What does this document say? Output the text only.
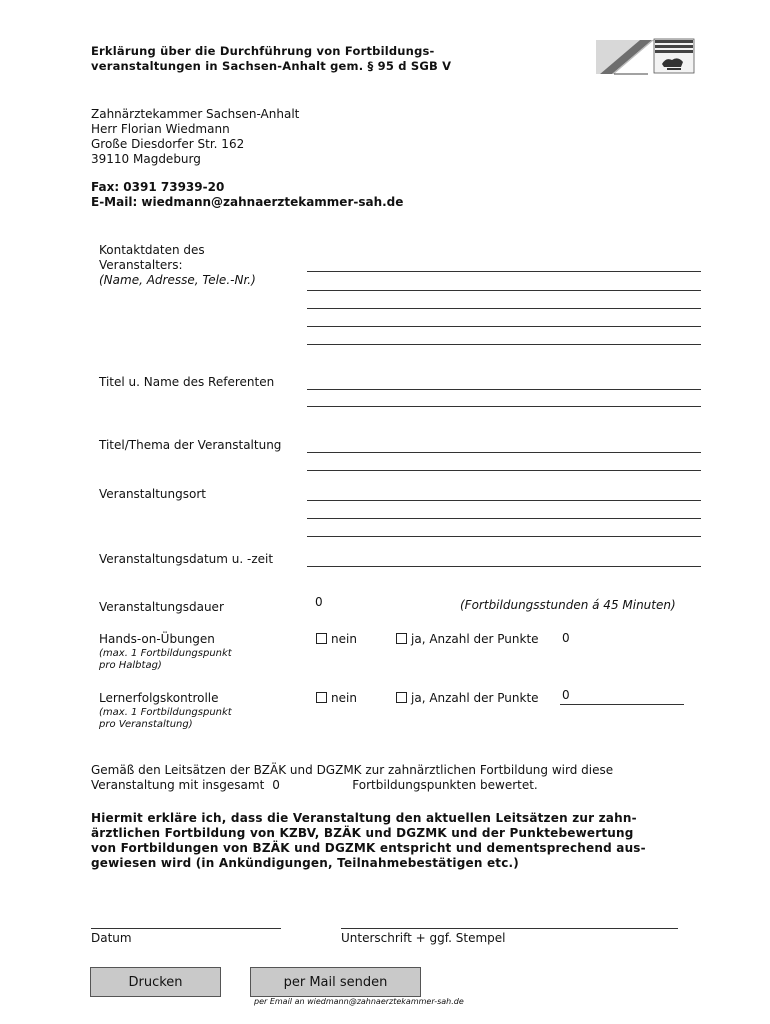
Erklärung über die Durchführung von Fortbildungs-
veranstaltungen in Sachsen-Anhalt gem. § 95 d SGB V
Zahnärztekammer Sachsen-Anhalt
Herr Florian Wiedmann
Große Diesdorfer Str. 162
39110 Magdeburg
Fax: 0391 73939-20
E-Mail: wiedmann@zahnaerztekammer-sah.de
Kontaktdaten des
Veranstalters:
(Name, Adresse, Tele.-Nr.)
Titel u. Name des Referenten
Titel/Thema der Veranstaltung
Veranstaltungsort
Veranstaltungsdatum u. -zeit
Veranstaltungsdauer	0	(Fortbildungsstunden á 45 Minuten)
Hands-on-Übungen
(max. 1 Fortbildungspunkt
pro Halbtag)
nein	ja, Anzahl der Punkte 0
Lernerfolgskontrolle
(max. 1 Fortbildungspunkt
pro Veranstaltung)
nein	ja, Anzahl der Punkte 0
Gemäß den Leitsätzen der BZÄK und DGZMK zur zahnärztlichen Fortbildung wird diese
Veranstaltung mit insgesamt 0	Fortbildungspunkten bewertet.
Hiermit erkläre ich, dass die Veranstaltung den aktuellen Leitsätzen zur zahn-
ärztlichen Fortbildung von KZBV, BZÄK und DGZMK und der Punktebewertung
von Fortbildungen von BZÄK und DGZMK entspricht und dementsprechend aus-
gewiesen wird (in Ankündigungen, Teilnahmebestätigen etc.)
Datum	Unterschrift + ggf. Stempel
Drucken	per Mail senden
per Email an wiedmann@zahnaerztekammer-sah.de
